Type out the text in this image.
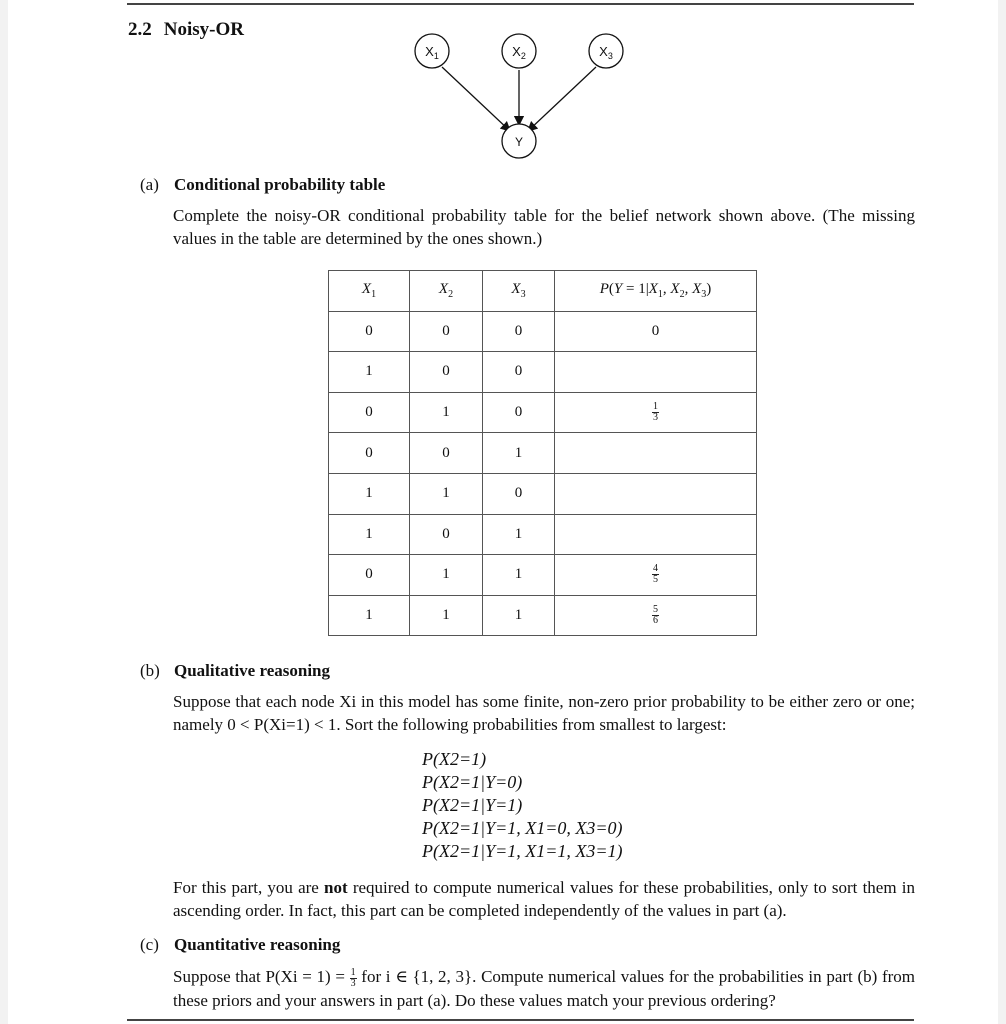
2.2 Noisy-OR
$X_1$	$X_2$	$X_3$
Y
(a) Conditional probability table
Complete the noisy-OR conditional probability table for the belief network shown above. (The missing values in the table are determined by the ones shown.)
$X_1$	$X_2$	$X_3$	$P(Y = 1|X_1$, $X_2$, $X_3$)
0	0	0	0
1	0	0	
0	1	0	$\frac{1}{3}$

0	0	1	
1	1	0	
1	0	1	
0	1	1	$\frac{4}{5}$

1	1	1	$\frac{5}{6}$
(b) Qualitative reasoning
Suppose that each node Xi in this model has some finite, non-zero prior probability to be either zero or one; namely 0 < P(Xi=1) < 1. Sort the following probabilities from smallest to largest:
P(X2=1)
P(X2=1|Y=0)
P(X2=1|Y=1)
P(X2=1|Y=1, X1=0, X3=0)
P(X2=1|Y=1, X1=1, X3=1)
For this part, you are not required to compute numerical values for these probabilities, only to sort them in ascending order. In fact, this part can be completed independently of the values in part (a).
(c) Quantitative reasoning
Suppose that $P(Xi = 1) = \frac{1}{3}$ for i ∈ {1, 2, 3}. Compute numerical values for the probabilities in part (b) from these priors and your answers in part (a). Do these values match your previous ordering?
